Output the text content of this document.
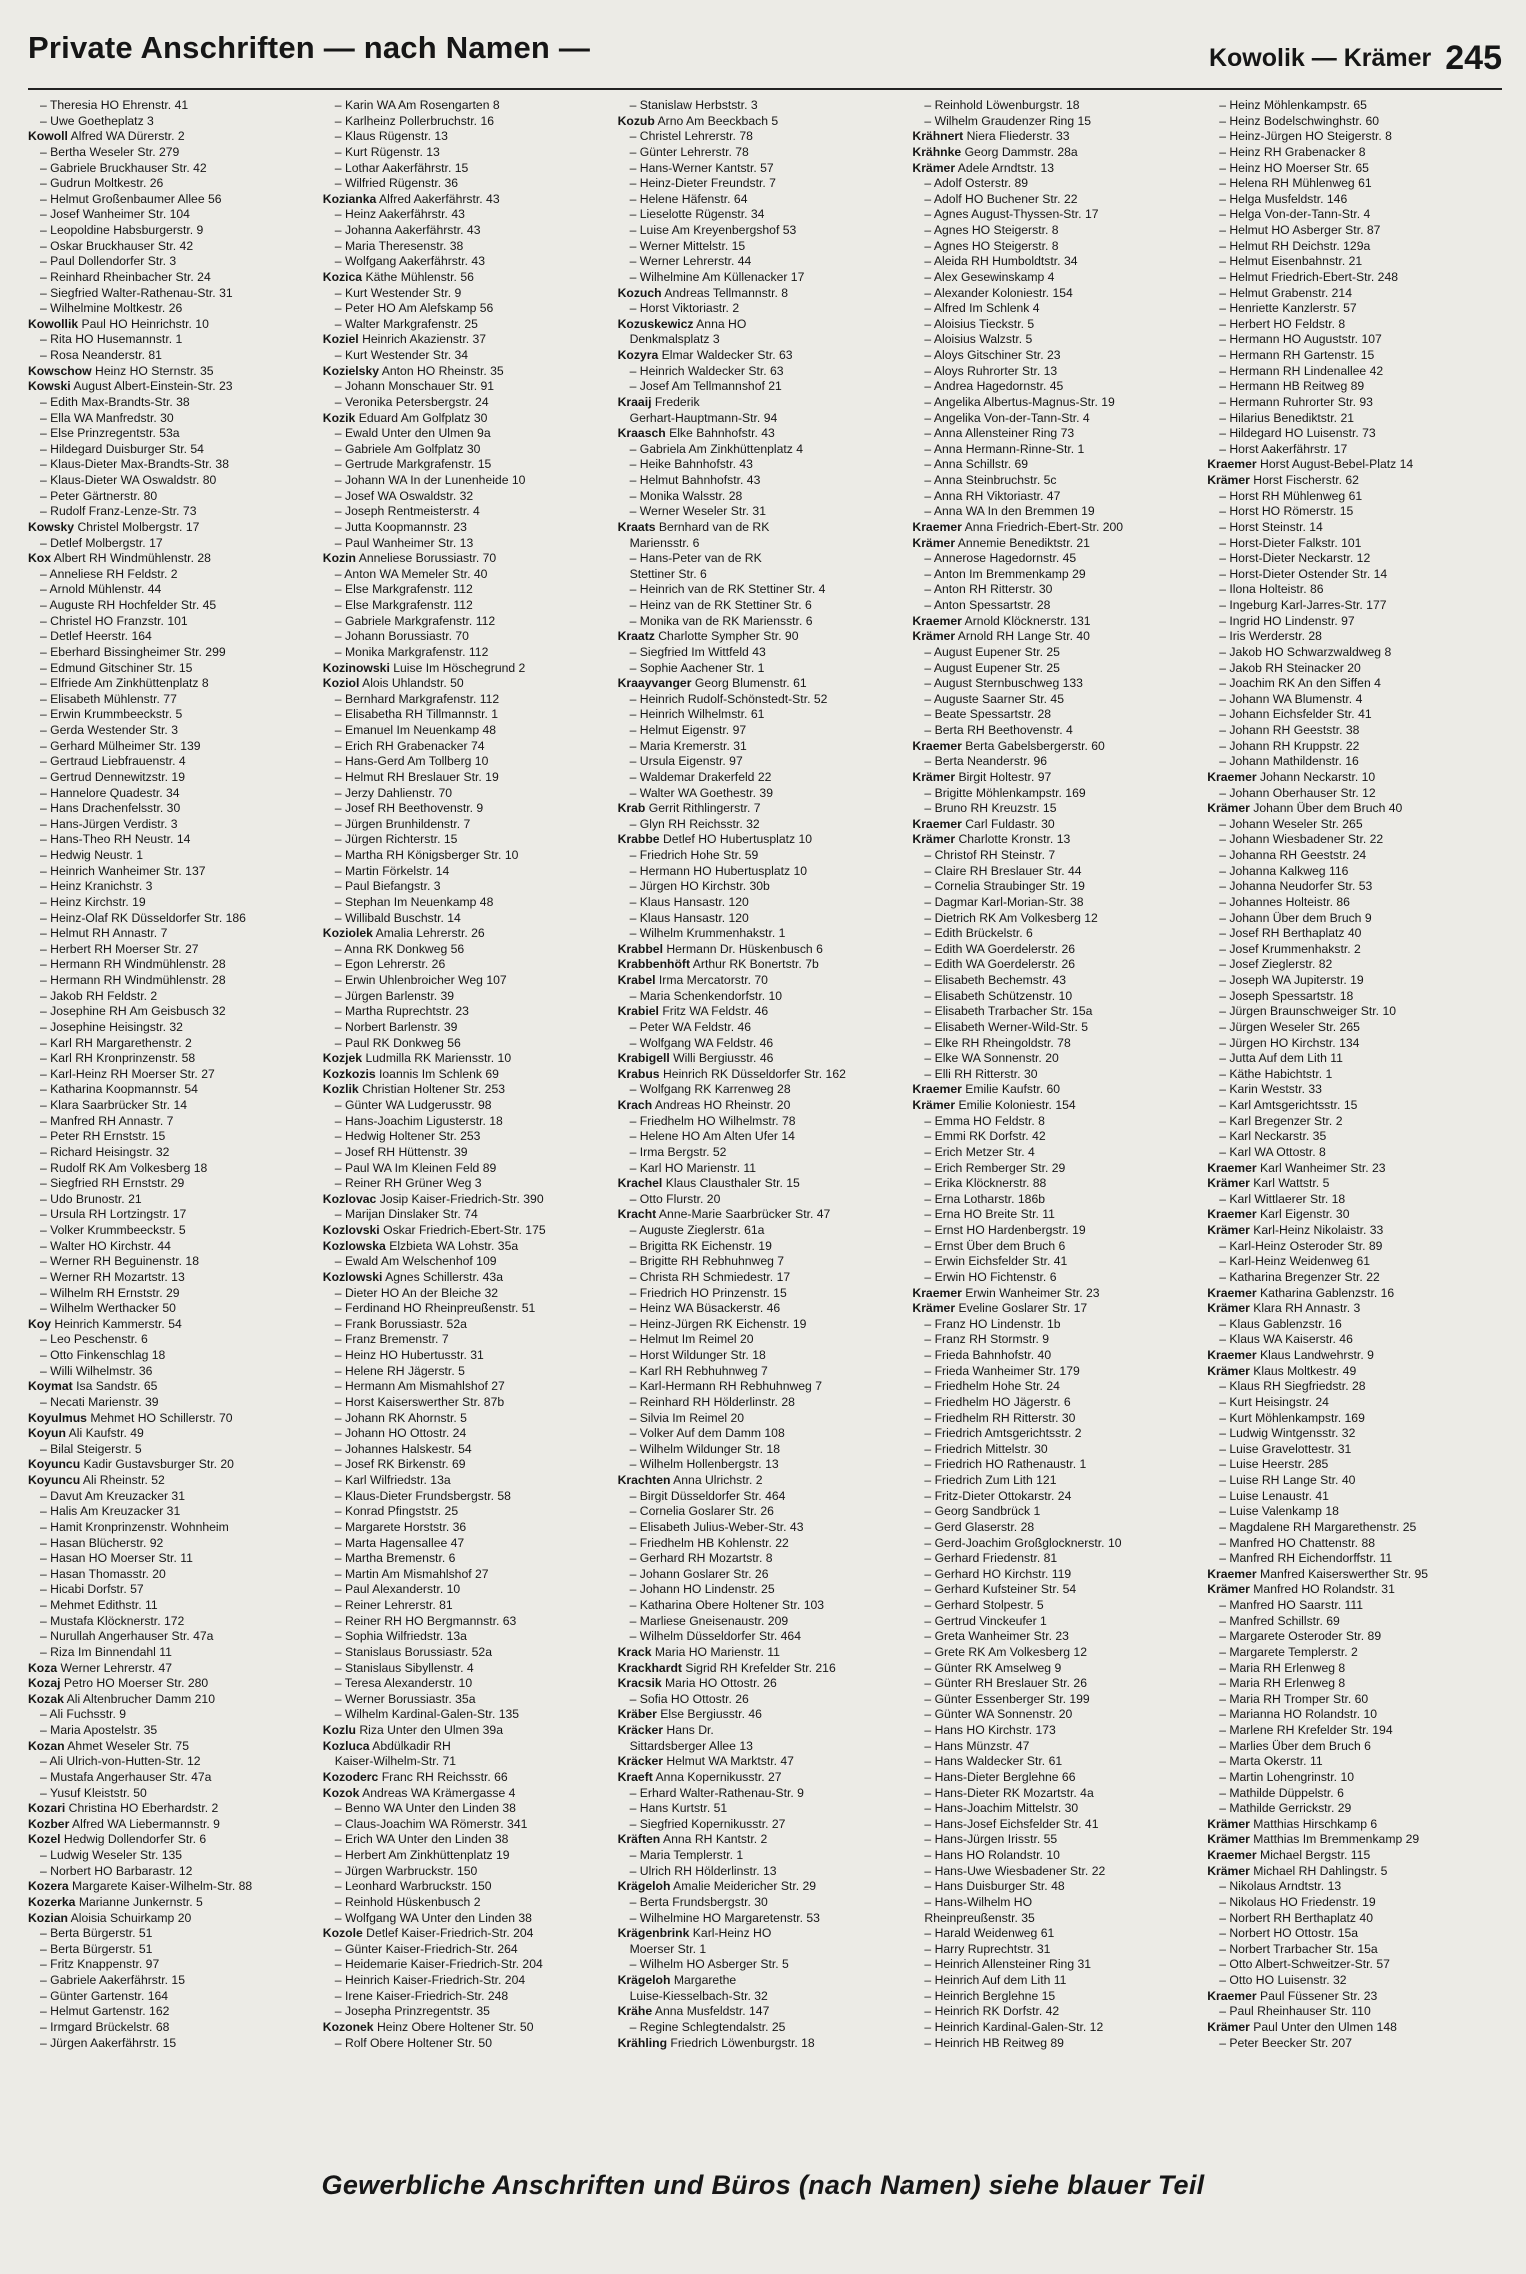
Private Anschriften — nach Namen —	Kowolik — Krämer 245
– Theresia HO Ehrenstr. 41
– Uwe Goetheplatz 3
Kowoll Alfred WA Dürerstr. 2
– Bertha Weseler Str. 279
– Gabriele Bruckhauser Str. 42
– Gudrun Moltkestr. 26
– Helmut Großenbaumer Allee 56
– Josef Wanheimer Str. 104
– Leopoldine Habsburgerstr. 9
– Oskar Bruckhauser Str. 42
– Paul Dollendorfer Str. 3
– Reinhard Rheinbacher Str. 24
– Siegfried Walter-Rathenau-Str. 31
– Wilhelmine Moltkestr. 26
Kowollik Paul HO Heinrichstr. 10
– Rita HO Husemannstr. 1
– Rosa Neanderstr. 81
Kowschow Heinz HO Sternstr. 35
Kowski August Albert-Einstein-Str. 23
– Edith Max-Brandts-Str. 38
– Ella WA Manfredstr. 30
– Else Prinzregentstr. 53a
– Hildegard Duisburger Str. 54
– Klaus-Dieter Max-Brandts-Str. 38
– Klaus-Dieter WA Oswaldstr. 80
– Peter Gärtnerstr. 80
– Rudolf Franz-Lenze-Str. 73
Kowsky Christel Molbergstr. 17
– Detlef Molbergstr. 17
Kox Albert RH Windmühlenstr. 28
– Anneliese RH Feldstr. 2
– Arnold Mühlenstr. 44
– Auguste RH Hochfelder Str. 45
– Christel HO Franzstr. 101
– Detlef Heerstr. 164
– Eberhard Bissingheimer Str. 299
– Edmund Gitschiner Str. 15
– Elfriede Am Zinkhüttenplatz 8
– Elisabeth Mühlenstr. 77
– Erwin Krummbeeckstr. 5
– Gerda Westender Str. 3
– Gerhard Mülheimer Str. 139
– Gertraud Liebfrauenstr. 4
– Gertrud Dennewitzstr. 19
– Hannelore Quadestr. 34
– Hans Drachenfelsstr. 30
– Hans-Jürgen Verdistr. 3
– Hans-Theo RH Neustr. 14
– Hedwig Neustr. 1
– Heinrich Wanheimer Str. 137
– Heinz Kranichstr. 3
– Heinz Kirchstr. 19
– Heinz-Olaf RK Düsseldorfer Str. 186
– Helmut RH Annastr. 7
– Herbert RH Moerser Str. 27
– Hermann RH Windmühlenstr. 28
– Hermann RH Windmühlenstr. 28
– Jakob RH Feldstr. 2
– Josephine RH Am Geisbusch 32
– Josephine Heisingstr. 32
– Karl RH Margarethenstr. 2
– Karl RH Kronprinzenstr. 58
– Karl-Heinz RH Moerser Str. 27
– Katharina Koopmannstr. 54
– Klara Saarbrücker Str. 14
– Manfred RH Annastr. 7
– Peter RH Ernststr. 15
– Richard Heisingstr. 32
– Rudolf RK Am Volkesberg 18
– Siegfried RH Ernststr. 29
– Udo Brunostr. 21
– Ursula RH Lortzingstr. 17
– Volker Krummbeeckstr. 5
– Walter HO Kirchstr. 44
– Werner RH Beguinenstr. 18
– Werner RH Mozartstr. 13
– Wilhelm RH Ernststr. 29
– Wilhelm Werthacker 50
Koy Heinrich Kammerstr. 54
– Leo Peschenstr. 6
– Otto Finkenschlag 18
– Willi Wilhelmstr. 36
Koymat Isa Sandstr. 65
– Necati Marienstr. 39
Koyulmus Mehmet HO Schillerstr. 70
Koyun Ali Kaufstr. 49
– Bilal Steigerstr. 5
Koyuncu Kadir Gustavsburger Str. 20
Koyuncu Ali Rheinstr. 52
– Davut Am Kreuzacker 31
– Halis Am Kreuzacker 31
– Hamit Kronprinzenstr. Wohnheim
– Hasan Blücherstr. 92
– Hasan HO Moerser Str. 11
– Hasan Thomasstr. 20
– Hicabi Dorfstr. 57
– Mehmet Edithstr. 11
– Mustafa Klöcknerstr. 172
– Nurullah Angerhauser Str. 47a
– Riza Im Binnendahl 11
Koza Werner Lehrerstr. 47
Kozaj Petro HO Moerser Str. 280
Kozak Ali Altenbrucher Damm 210
– Ali Fuchsstr. 9
– Maria Apostelstr. 35
Kozan Ahmet Weseler Str. 75
– Ali Ulrich-von-Hutten-Str. 12
– Mustafa Angerhauser Str. 47a
– Yusuf Kleiststr. 50
Kozari Christina HO Eberhardstr. 2
Kozber Alfred WA Liebermannstr. 9
Kozel Hedwig Dollendorfer Str. 6
– Ludwig Weseler Str. 135
– Norbert HO Barbarastr. 12
Kozera Margarete Kaiser-Wilhelm-Str. 88
Kozerka Marianne Junkernstr. 5
Kozian Aloisia Schuirkamp 20
– Berta Bürgerstr. 51
– Berta Bürgerstr. 51
– Fritz Knappenstr. 97
– Gabriele Aakerfährstr. 15
– Günter Gartenstr. 164
– Helmut Gartenstr. 162
– Irmgard Brückelstr. 68
– Jürgen Aakerfährstr. 15
– Karin WA Am Rosengarten 8
– Karlheinz Pollerbruchstr. 16
– Klaus Rügenstr. 13
– Kurt Rügenstr. 13
– Lothar Aakerfährstr. 15
– Wilfried Rügenstr. 36
Kozianka Alfred Aakerfährstr. 43
– Heinz Aakerfährstr. 43
– Johanna Aakerfährstr. 43
– Maria Theresenstr. 38
– Wolfgang Aakerfährstr. 43
Kozica Käthe Mühlenstr. 56
– Kurt Westender Str. 9
– Peter HO Am Alefskamp 56
– Walter Markgrafenstr. 25
Koziel Heinrich Akazienstr. 37
– Kurt Westender Str. 34
Kozielsky Anton HO Rheinstr. 35
– Johann Monschauer Str. 91
– Veronika Petersbergstr. 24
Kozik Eduard Am Golfplatz 30
– Ewald Unter den Ulmen 9a
– Gabriele Am Golfplatz 30
– Gertrude Markgrafenstr. 15
– Johann WA In der Lunenheide 10
– Josef WA Oswaldstr. 32
– Joseph Rentmeisterstr. 4
– Jutta Koopmannstr. 23
– Paul Wanheimer Str. 13
Kozin Anneliese Borussiastr. 70
– Anton WA Memeler Str. 40
– Else Markgrafenstr. 112
– Else Markgrafenstr. 112
– Gabriele Markgrafenstr. 112
– Johann Borussiastr. 70
– Monika Markgrafenstr. 112
Kozinowski Luise Im Höschegrund 2
Koziol Alois Uhlandstr. 50
– Bernhard Markgrafenstr. 112
– Elisabetha RH Tillmannstr. 1
– Emanuel Im Neuenkamp 48
– Erich RH Grabenacker 74
– Hans-Gerd Am Tollberg 10
– Helmut RH Breslauer Str. 19
– Jerzy Dahlienstr. 70
– Josef RH Beethovenstr. 9
– Jürgen Brunhildenstr. 7
– Jürgen Richterstr. 15
– Martha RH Königsberger Str. 10
– Martin Förkelstr. 14
– Paul Biefangstr. 3
– Stephan Im Neuenkamp 48
– Willibald Buschstr. 14
Koziolek Amalia Lehrerstr. 26
– Anna RK Donkweg 56
– Egon Lehrerstr. 26
– Erwin Uhlenbroicher Weg 107
– Jürgen Barlenstr. 39
– Martha Ruprechtstr. 23
– Norbert Barlenstr. 39
– Paul RK Donkweg 56
Kozjek Ludmilla RK Mariensstr. 10
Kozkozis Ioannis Im Schlenk 69
Kozlik Christian Holtener Str. 253
– Günter WA Ludgerusstr. 98
– Hans-Joachim Ligusterstr. 18
– Hedwig Holtener Str. 253
– Josef RH Hüttenstr. 39
– Paul WA Im Kleinen Feld 89
– Reiner RH Grüner Weg 3
Kozlovac Josip Kaiser-Friedrich-Str. 390
– Marijan Dinslaker Str. 74
Kozlovski Oskar Friedrich-Ebert-Str. 175
Kozlowska Elzbieta WA Lohstr. 35a
– Ewald Am Welschenhof 109
Kozlowski Agnes Schillerstr. 43a
– Dieter HO An der Bleiche 32
– Ferdinand HO Rheinpreußenstr. 51
– Frank Borussiastr. 52a
– Franz Bremenstr. 7
– Heinz HO Hubertusstr. 31
– Helene RH Jägerstr. 5
– Hermann Am Mismahlshof 27
– Horst Kaiserswerther Str. 87b
– Johann RK Ahornstr. 5
– Johann HO Ottostr. 24
– Johannes Halskestr. 54
– Josef RK Birkenstr. 69
– Karl Wilfriedstr. 13a
– Klaus-Dieter Frundsbergstr. 58
– Konrad Pfingststr. 25
– Margarete Horststr. 36
– Marta Hagensallee 47
– Martha Bremenstr. 6
– Martin Am Mismahlshof 27
– Paul Alexanderstr. 10
– Reiner Lehrerstr. 81
– Reiner RH HO Bergmannstr. 63
– Sophia Wilfriedstr. 13a
– Stanislaus Borussiastr. 52a
– Stanislaus Sibyllenstr. 4
– Teresa Alexanderstr. 10
– Werner Borussiastr. 35a
– Wilhelm Kardinal-Galen-Str. 135
Kozlu Riza Unter den Ulmen 39a
Kozluca Abdülkadir RH
Kaiser-Wilhelm-Str. 71
Kozoderc Franc RH Reichsstr. 66
Kozok Andreas WA Krämergasse 4
– Benno WA Unter den Linden 38
– Claus-Joachim WA Römerstr. 341
– Erich WA Unter den Linden 38
– Herbert Am Zinkhüttenplatz 19
– Jürgen Warbruckstr. 150
– Leonhard Warbruckstr. 150
– Reinhold Hüskenbusch 2
– Wolfgang WA Unter den Linden 38
Kozole Detlef Kaiser-Friedrich-Str. 204
– Günter Kaiser-Friedrich-Str. 264
– Heidemarie Kaiser-Friedrich-Str. 204
– Heinrich Kaiser-Friedrich-Str. 204
– Irene Kaiser-Friedrich-Str. 248
– Josepha Prinzregentstr. 35
Kozonek Heinz Obere Holtener Str. 50
– Rolf Obere Holtener Str. 50
– Stanislaw Herbststr. 3
Kozub Arno Am Beeckbach 5
– Christel Lehrerstr. 78
– Günter Lehrerstr. 78
– Hans-Werner Kantstr. 57
– Heinz-Dieter Freundstr. 7
– Helene Häfenstr. 64
– Lieselotte Rügenstr. 34
– Luise Am Kreyenbergshof 53
– Werner Mittelstr. 15
– Werner Lehrerstr. 44
– Wilhelmine Am Küllenacker 17
Kozuch Andreas Tellmannstr. 8
– Horst Viktoriastr. 2
Kozuskewicz Anna HO
Denkmalsplatz 3
Kozyra Elmar Waldecker Str. 63
– Heinrich Waldecker Str. 63
– Josef Am Tellmannshof 21
Kraaij Frederik
Gerhart-Hauptmann-Str. 94
Kraasch Elke Bahnhofstr. 43
– Gabriela Am Zinkhüttenplatz 4
– Heike Bahnhofstr. 43
– Helmut Bahnhofstr. 43
– Monika Walsstr. 28
– Werner Weseler Str. 31
Kraats Bernhard van de RK
Mariensstr. 6
– Hans-Peter van de RK
Stettiner Str. 6
– Heinrich van de RK Stettiner Str. 4
– Heinz van de RK Stettiner Str. 6
– Monika van de RK Mariensstr. 6
Kraatz Charlotte Sympher Str. 90
– Siegfried Im Wittfeld 43
– Sophie Aachener Str. 1
Kraayvanger Georg Blumenstr. 61
– Heinrich Rudolf-Schönstedt-Str. 52
– Heinrich Wilhelmstr. 61
– Helmut Eigenstr. 97
– Maria Kremerstr. 31
– Ursula Eigenstr. 97
– Waldemar Drakerfeld 22
– Walter WA Goethestr. 39
Krab Gerrit Rithlingerstr. 7
– Glyn RH Reichsstr. 32
Krabbe Detlef HO Hubertusplatz 10
– Friedrich Hohe Str. 59
– Hermann HO Hubertusplatz 10
– Jürgen HO Kirchstr. 30b
– Klaus Hansastr. 120
– Klaus Hansastr. 120
– Wilhelm Krummenhakstr. 1
Krabbel Hermann Dr. Hüskenbusch 6
Krabbenhöft Arthur RK Bonertstr. 7b
Krabel Irma Mercatorstr. 70
– Maria Schenkendorfstr. 10
Krabiel Fritz WA Feldstr. 46
– Peter WA Feldstr. 46
– Wolfgang WA Feldstr. 46
Krabigell Willi Bergiusstr. 46
Krabus Heinrich RK Düsseldorfer Str. 162
– Wolfgang RK Karrenweg 28
Krach Andreas HO Rheinstr. 20
– Friedhelm HO Wilhelmstr. 78
– Helene HO Am Alten Ufer 14
– Irma Bergstr. 52
– Karl HO Marienstr. 11
Krachel Klaus Clausthaler Str. 15
– Otto Flurstr. 20
Kracht Anne-Marie Saarbrücker Str. 47
– Auguste Zieglerstr. 61a
– Brigitta RK Eichenstr. 19
– Brigitte RH Rebhuhnweg 7
– Christa RH Schmiedestr. 17
– Friedrich HO Prinzenstr. 15
– Heinz WA Büsackerstr. 46
– Heinz-Jürgen RK Eichenstr. 19
– Helmut Im Reimel 20
– Horst Wildunger Str. 18
– Karl RH Rebhuhnweg 7
– Karl-Hermann RH Rebhuhnweg 7
– Reinhard RH Hölderlinstr. 28
– Silvia Im Reimel 20
– Volker Auf dem Damm 108
– Wilhelm Wildunger Str. 18
– Wilhelm Hollenbergstr. 13
Krachten Anna Ulrichstr. 2
– Birgit Düsseldorfer Str. 464
– Cornelia Goslarer Str. 26
– Elisabeth Julius-Weber-Str. 43
– Friedhelm HB Kohlenstr. 22
– Gerhard RH Mozartstr. 8
– Johann Goslarer Str. 26
– Johann HO Lindenstr. 25
– Katharina Obere Holtener Str. 103
– Marliese Gneisenaustr. 209
– Wilhelm Düsseldorfer Str. 464
Krack Maria HO Marienstr. 11
Krackhardt Sigrid RH Krefelder Str. 216
Kracsik Maria HO Ottostr. 26
– Sofia HO Ottostr. 26
Kräber Else Bergiusstr. 46
Kräcker Hans Dr.
Sittardsberger Allee 13
Kräcker Helmut WA Marktstr. 47
Kraeft Anna Kopernikusstr. 27
– Erhard Walter-Rathenau-Str. 9
– Hans Kurtstr. 51
– Siegfried Kopernikusstr. 27
Kräften Anna RH Kantstr. 2
– Maria Templerstr. 1
– Ulrich RH Hölderlinstr. 13
Krägeloh Amalie Meidericher Str. 29
– Berta Frundsbergstr. 30
– Wilhelmine HO Margaretenstr. 53
Krägenbrink Karl-Heinz HO
Moerser Str. 1
– Wilhelm HO Asberger Str. 5
Krägeloh Margarethe
Luise-Kiesselbach-Str. 32
Krähe Anna Musfeldstr. 147
– Regine Schlegtendalstr. 25
Krähling Friedrich Löwenburgstr. 18
– Reinhold Löwenburgstr. 18
– Wilhelm Graudenzer Ring 15
Krähnert Niera Fliederstr. 33
Krähnke Georg Dammstr. 28a
Krämer Adele Arndtstr. 13
– Adolf Osterstr. 89
– Adolf HO Buchener Str. 22
– Agnes August-Thyssen-Str. 17
– Agnes HO Steigerstr. 8
– Agnes HO Steigerstr. 8
– Aleida RH Humboldtstr. 34
– Alex Gesewinskamp 4
– Alexander Koloniestr. 154
– Alfred Im Schlenk 4
– Aloisius Tieckstr. 5
– Aloisius Walzstr. 5
– Aloys Gitschiner Str. 23
– Aloys Ruhrorter Str. 13
– Andrea Hagedornstr. 45
– Angelika Albertus-Magnus-Str. 19
– Angelika Von-der-Tann-Str. 4
– Anna Allensteiner Ring 73
– Anna Hermann-Rinne-Str. 1
– Anna Schillstr. 69
– Anna Steinbruchstr. 5c
– Anna RH Viktoriastr. 47
– Anna WA In den Bremmen 19
Kraemer Anna Friedrich-Ebert-Str. 200
Krämer Annemie Benediktstr. 21
– Annerose Hagedornstr. 45
– Anton Im Bremmenkamp 29
– Anton RH Ritterstr. 30
– Anton Spessartstr. 28
Kraemer Arnold Klöcknerstr. 131
Krämer Arnold RH Lange Str. 40
– August Eupener Str. 25
– August Eupener Str. 25
– August Sternbuschweg 133
– Auguste Saarner Str. 45
– Beate Spessartstr. 28
– Berta RH Beethovenstr. 4
Kraemer Berta Gabelsbergerstr. 60
– Berta Neanderstr. 96
Krämer Birgit Holtestr. 97
– Brigitte Möhlenkampstr. 169
– Bruno RH Kreuzstr. 15
Kraemer Carl Fuldastr. 30
Krämer Charlotte Kronstr. 13
– Christof RH Steinstr. 7
– Claire RH Breslauer Str. 44
– Cornelia Straubinger Str. 19
– Dagmar Karl-Morian-Str. 38
– Dietrich RK Am Volkesberg 12
– Edith Brückelstr. 6
– Edith WA Goerdelerstr. 26
– Edith WA Goerdelerstr. 26
– Elisabeth Bechemstr. 43
– Elisabeth Schützenstr. 10
– Elisabeth Trarbacher Str. 15a
– Elisabeth Werner-Wild-Str. 5
– Elke RH Rheingoldstr. 78
– Elke WA Sonnenstr. 20
– Elli RH Ritterstr. 30
Kraemer Emilie Kaufstr. 60
Krämer Emilie Koloniestr. 154
– Emma HO Feldstr. 8
– Emmi RK Dorfstr. 42
– Erich Metzer Str. 4
– Erich Remberger Str. 29
– Erika Klöcknerstr. 88
– Erna Lotharstr. 186b
– Erna HO Breite Str. 11
– Ernst HO Hardenbergstr. 19
– Ernst Über dem Bruch 6
– Erwin Eichsfelder Str. 41
– Erwin HO Fichtenstr. 6
Kraemer Erwin Wanheimer Str. 23
Krämer Eveline Goslarer Str. 17
– Franz HO Lindenstr. 1b
– Franz RH Stormstr. 9
– Frieda Bahnhofstr. 40
– Frieda Wanheimer Str. 179
– Friedhelm Hohe Str. 24
– Friedhelm HO Jägerstr. 6
– Friedhelm RH Ritterstr. 30
– Friedrich Amtsgerichtsstr. 2
– Friedrich Mittelstr. 30
– Friedrich HO Rathenaustr. 1
– Friedrich Zum Lith 121
– Fritz-Dieter Ottokarstr. 24
– Georg Sandbrück 1
– Gerd Glaserstr. 28
– Gerd-Joachim Großglocknerstr. 10
– Gerhard Friedenstr. 81
– Gerhard HO Kirchstr. 119
– Gerhard Kufsteiner Str. 54
– Gerhard Stolpestr. 5
– Gertrud Vinckeufer 1
– Greta Wanheimer Str. 23
– Grete RK Am Volkesberg 12
– Günter RK Amselweg 9
– Günter RH Breslauer Str. 26
– Günter Essenberger Str. 199
– Günter WA Sonnenstr. 20
– Hans HO Kirchstr. 173
– Hans Münzstr. 47
– Hans Waldecker Str. 61
– Hans-Dieter Berglehne 66
– Hans-Dieter RK Mozartstr. 4a
– Hans-Joachim Mittelstr. 30
– Hans-Josef Eichsfelder Str. 41
– Hans-Jürgen Irisstr. 55
– Hans HO Rolandstr. 10
– Hans-Uwe Wiesbadener Str. 22
– Hans Duisburger Str. 48
– Hans-Wilhelm HO
Rheinpreußenstr. 35
– Harald Weidenweg 61
– Harry Ruprechtstr. 31
– Heinrich Allensteiner Ring 31
– Heinrich Auf dem Lith 11
– Heinrich Berglehne 15
– Heinrich RK Dorfstr. 42
– Heinrich Kardinal-Galen-Str. 12
– Heinrich HB Reitweg 89
– Heinz Möhlenkampstr. 65
– Heinz Bodelschwinghstr. 60
– Heinz-Jürgen HO Steigerstr. 8
– Heinz RH Grabenacker 8
– Heinz HO Moerser Str. 65
– Helena RH Mühlenweg 61
– Helga Musfeldstr. 146
– Helga Von-der-Tann-Str. 4
– Helmut HO Asberger Str. 87
– Helmut RH Deichstr. 129a
– Helmut Eisenbahnstr. 21
– Helmut Friedrich-Ebert-Str. 248
– Helmut Grabenstr. 214
– Henriette Kanzlerstr. 57
– Herbert HO Feldstr. 8
– Hermann HO Auguststr. 107
– Hermann RH Gartenstr. 15
– Hermann RH Lindenallee 42
– Hermann HB Reitweg 89
– Hermann Ruhrorter Str. 93
– Hilarius Benediktstr. 21
– Hildegard HO Luisenstr. 73
– Horst Aakerfährstr. 17
Kraemer Horst August-Bebel-Platz 14
Krämer Horst Fischerstr. 62
– Horst RH Mühlenweg 61
– Horst HO Römerstr. 15
– Horst Steinstr. 14
– Horst-Dieter Falkstr. 101
– Horst-Dieter Neckarstr. 12
– Horst-Dieter Ostender Str. 14
– Ilona Holteistr. 86
– Ingeburg Karl-Jarres-Str. 177
– Ingrid HO Lindenstr. 97
– Iris Werderstr. 28
– Jakob HO Schwarzwaldweg 8
– Jakob RH Steinacker 20
– Joachim RK An den Siffen 4
– Johann WA Blumenstr. 4
– Johann Eichsfelder Str. 41
– Johann RH Geeststr. 38
– Johann RH Kruppstr. 22
– Johann Mathildenstr. 16
Kraemer Johann Neckarstr. 10
– Johann Oberhauser Str. 12
Krämer Johann Über dem Bruch 40
– Johann Weseler Str. 265
– Johann Wiesbadener Str. 22
– Johanna RH Geeststr. 24
– Johanna Kalkweg 116
– Johanna Neudorfer Str. 53
– Johannes Holteistr. 86
– Johann Über dem Bruch 9
– Josef RH Berthaplatz 40
– Josef Krummenhakstr. 2
– Josef Zieglerstr. 82
– Joseph WA Jupiterstr. 19
– Joseph Spessartstr. 18
– Jürgen Braunschweiger Str. 10
– Jürgen Weseler Str. 265
– Jürgen HO Kirchstr. 134
– Jutta Auf dem Lith 11
– Käthe Habichtstr. 1
– Karin Weststr. 33
– Karl Amtsgerichtsstr. 15
– Karl Bregenzer Str. 2
– Karl Neckarstr. 35
– Karl WA Ottostr. 8
Kraemer Karl Wanheimer Str. 23
Krämer Karl Wattstr. 5
– Karl Wittlaerer Str. 18
Kraemer Karl Eigenstr. 30
Krämer Karl-Heinz Nikolaistr. 33
– Karl-Heinz Osteroder Str. 89
– Karl-Heinz Weidenweg 61
– Katharina Bregenzer Str. 22
Kraemer Katharina Gablenzstr. 16
Krämer Klara RH Annastr. 3
– Klaus Gablenzstr. 16
– Klaus WA Kaiserstr. 46
Kraemer Klaus Landwehrstr. 9
Krämer Klaus Moltkestr. 49
– Klaus RH Siegfriedstr. 28
– Kurt Heisingstr. 24
– Kurt Möhlenkampstr. 169
– Ludwig Wintgensstr. 32
– Luise Gravelottestr. 31
– Luise Heerstr. 285
– Luise RH Lange Str. 40
– Luise Lenaustr. 41
– Luise Valenkamp 18
– Magdalene RH Margarethenstr. 25
– Manfred HO Chattenstr. 88
– Manfred RH Eichendorffstr. 11
Kraemer Manfred Kaiserswerther Str. 95
Krämer Manfred HO Rolandstr. 31
– Manfred HO Saarstr. 111
– Manfred Schillstr. 69
– Margarete Osteroder Str. 89
– Margarete Templerstr. 2
– Maria RH Erlenweg 8
– Maria RH Erlenweg 8
– Maria RH Tromper Str. 60
– Marianna HO Rolandstr. 10
– Marlene RH Krefelder Str. 194
– Marlies Über dem Bruch 6
– Marta Okerstr. 11
– Martin Lohengrinstr. 10
– Mathilde Düppelstr. 6
– Mathilde Gerrickstr. 29
Krämer Matthias Hirschkamp 6
Krämer Matthias Im Bremmenkamp 29
Kraemer Michael Bergstr. 115
Krämer Michael RH Dahlingstr. 5
– Nikolaus Arndtstr. 13
– Nikolaus HO Friedenstr. 19
– Norbert RH Berthaplatz 40
– Norbert HO Ottostr. 15a
– Norbert Trarbacher Str. 15a
– Otto Albert-Schweitzer-Str. 57
– Otto HO Luisenstr. 32
Kraemer Paul Füssener Str. 23
– Paul Rheinhauser Str. 110
Krämer Paul Unter den Ulmen 148
– Peter Beecker Str. 207
Gewerbliche Anschriften und Büros (nach Namen) siehe blauer Teil
